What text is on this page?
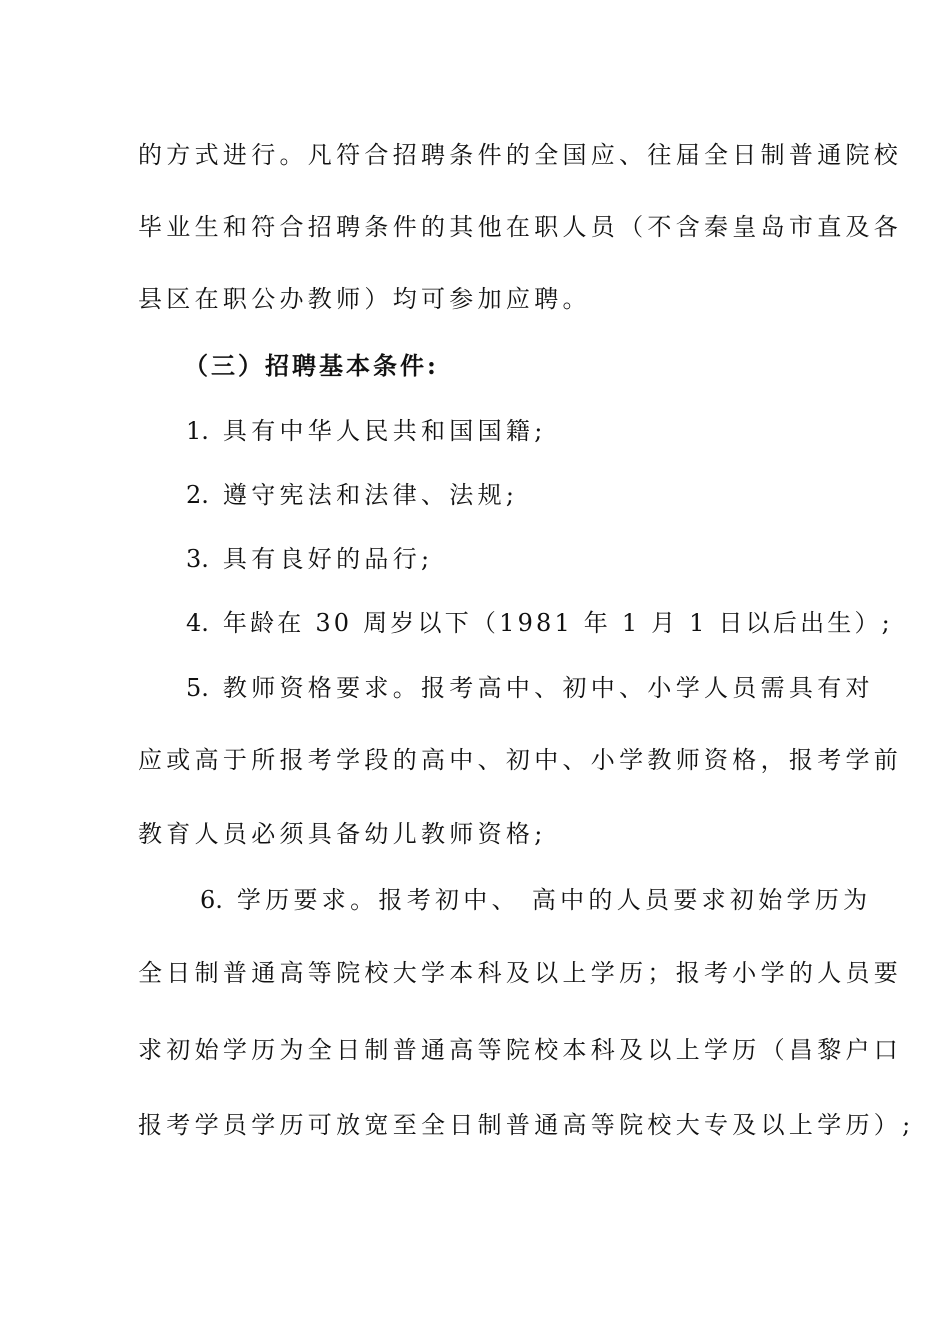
的方式进行。凡符合招聘条件的全国应、往届全日制普通院校
毕业生和符合招聘条件的其他在职人员（不含秦皇岛市直及各
县区在职公办教师）均可参加应聘。
（三）招聘基本条件:
1. 具有中华人民共和国国籍;
2. 遵守宪法和法律、法规;
3. 具有良好的品行;
4. 年龄在 30 周岁以下（1981 年 1 月 1 日以后出生）;
5. 教师资格要求。报考高中、初中、小学人员需具有对
应或高于所报考学段的高中、初中、小学教师资格，报考学前
教育人员必须具备幼儿教师资格;
6. 学历要求。报考初中、 高中的人员要求初始学历为
全日制普通高等院校大学本科及以上学历；报考小学的人员要
求初始学历为全日制普通高等院校本科及以上学历（昌黎户口
报考学员学历可放宽至全日制普通高等院校大专及以上学历）;
